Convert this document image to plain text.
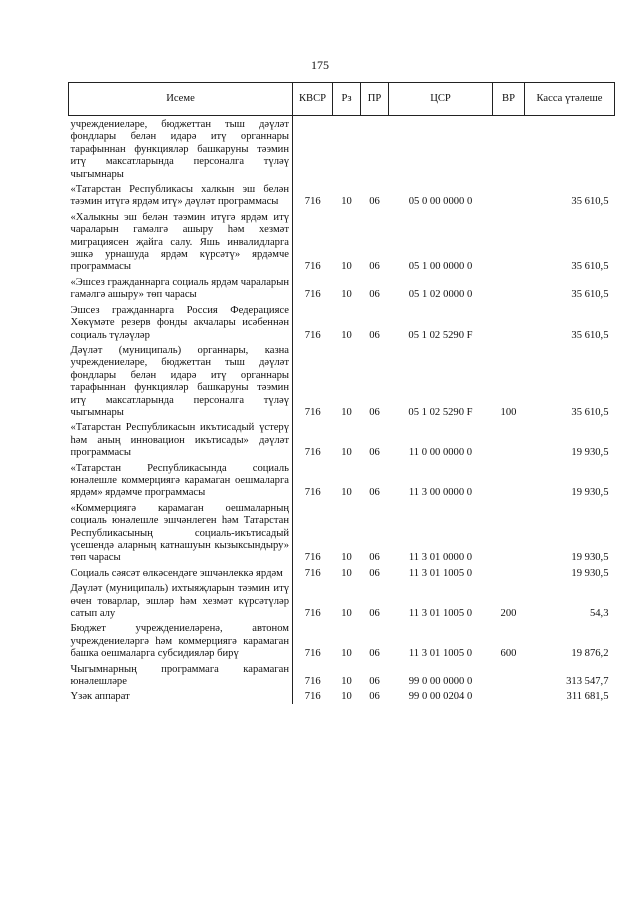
175
Исеме	КВСР	Рз	ПР	ЦСР	ВР	Касса үтәлеше
учреждениеләре, бюджеттан тыш дәүләт фондлары белән идарә итү органнары тарафыннан функцияләр башкаруны тәэмин итү максатларында персоналга түләү чыгымнары						
«Татарстан Республикасы халкын эш белән тәэмин итүгә ярдәм итү» дәүләт программасы	716	10	06	05 0 00 0000 0		35 610,5
«Халыкны эш белән тәэмин итүгә ярдәм итү чараларын гамәлгә ашыру һәм хезмәт миграциясен җайга салу. Яшь инвалидларга эшкә урнашуда ярдәм күрсәтү» ярдәмче программасы	716	10	06	05 1 00 0000 0		35 610,5
«Эшсез гражданнарга социаль ярдәм чараларын гамәлгә ашыру» төп чарасы	716	10	06	05 1 02 0000 0		35 610,5
Эшсез гражданнарга Россия Федерациясе Хөкүмәте резерв фонды акчалары исәбеннән социаль түләүләр	716	10	06	05 1 02 5290 F		35 610,5
Дәүләт (муниципаль) органнары, казна учреждениеләре, бюджеттан тыш дәүләт фондлары белән идарә итү органнары тарафыннан функцияләр башкаруны тәэмин итү максатларында персоналга түләү чыгымнары	716	10	06	05 1 02 5290 F	100	35 610,5
«Татарстан Республикасын икътисадый үстерү һәм аның инновацион икътисады» дәүләт программасы	716	10	06	11 0 00 0000 0		19 930,5
«Татарстан Республикасында социаль юнәлешле коммерциягә карамаган оешмаларга ярдәм» ярдәмче программасы	716	10	06	11 3 00 0000 0		19 930,5
«Коммерциягә карамаган оешмаларның социаль юнәлешле эшчәнлеген һәм Татарстан Республикасының социаль-икътисадый үсешендә аларның катнашуын кызыксындыру» төп чарасы	716	10	06	11 3 01 0000 0		19 930,5
Социаль сәясәт өлкәсендәге эшчәнлеккә ярдәм	716	10	06	11 3 01 1005 0		19 930,5
Дәүләт (муниципаль) ихтыяҗларын тәэмин итү өчен товарлар, эшләр һәм хезмәт күрсәтүләр сатып алу	716	10	06	11 3 01 1005 0	200	54,3
Бюджет учреждениеләренә, автоном учреждениеләргә һәм коммерциягә карамаган башка оешмаларга субсидияләр бирү	716	10	06	11 3 01 1005 0	600	19 876,2
Чыгымнарның программага карамаган юнәлешләре	716	10	06	99 0 00 0000 0		313 547,7
Үзәк аппарат	716	10	06	99 0 00 0204 0		311 681,5
